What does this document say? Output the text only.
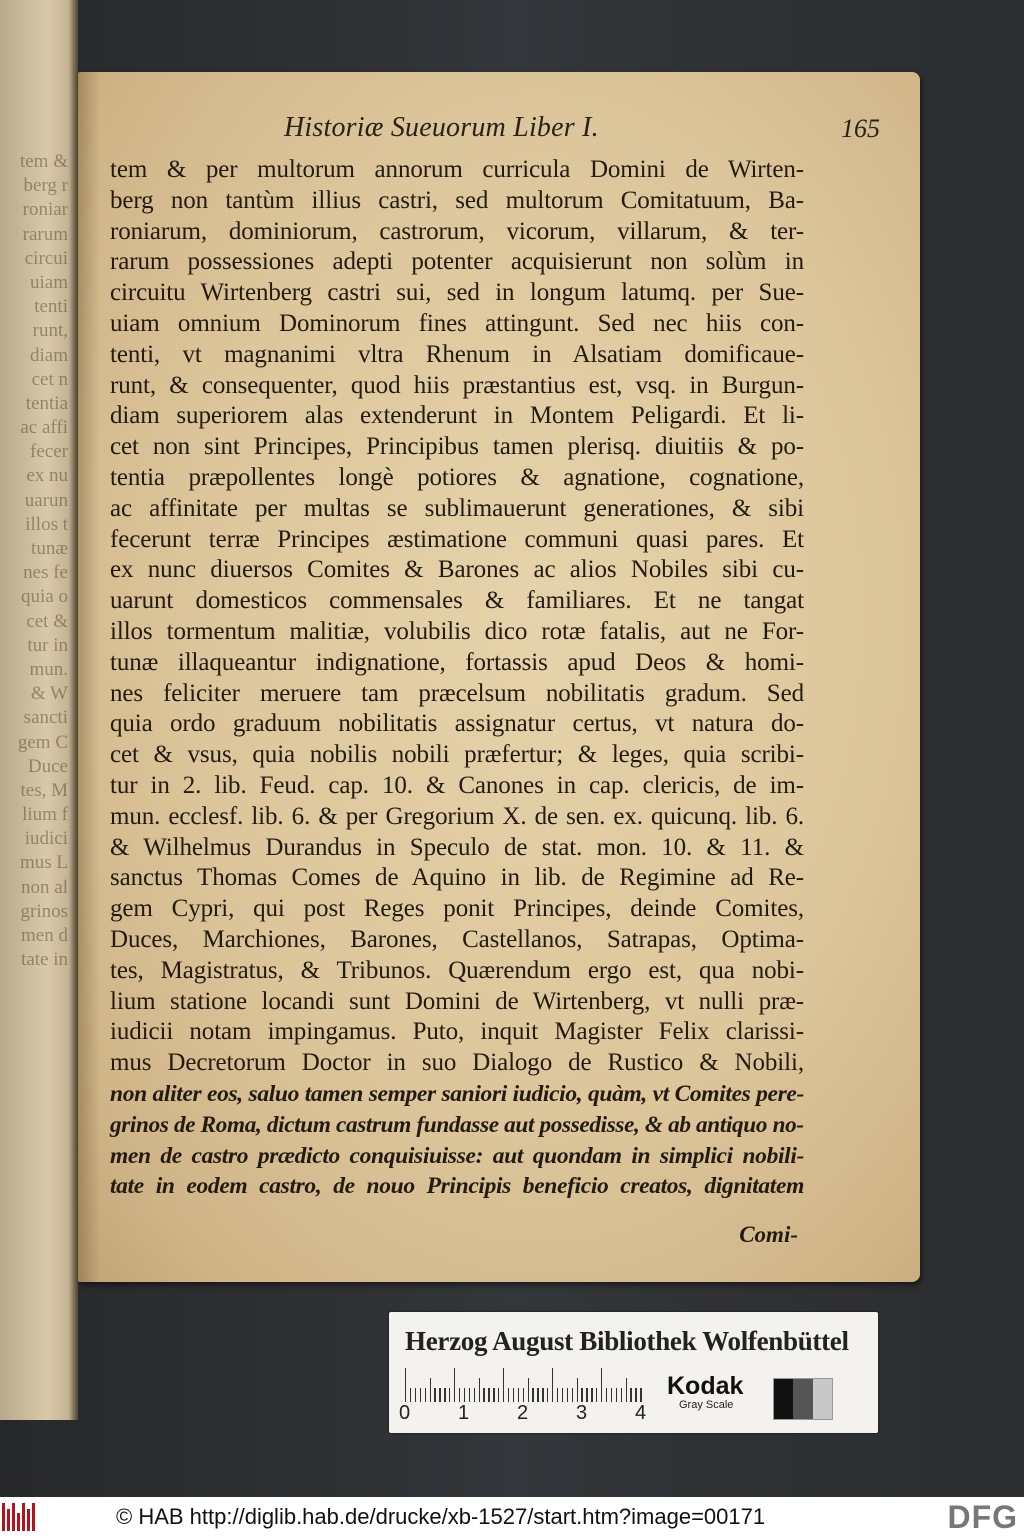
tem &
berg r
roniar
rarum
circui
uiam
tenti
runt,
diam
cet n
tentia
ac affi
fecer
ex nu
uarun
illos t
tunæ
nes fe
quia o
cet &
tur in
mun.
& W
sancti
gem C
Duce
tes, M
lium f
iudici
mus L
non al
grinos
men d
tate in
Historiæ Sueuorum Liber I.	165
tem & per multorum annorum curricula Domini de Wirten-
berg non tantùm illius castri, sed multorum Comitatuum, Ba-
roniarum, dominiorum, castrorum, vicorum, villarum, & ter-
rarum possessiones adepti potenter acquisierunt non solùm in
circuitu Wirtenberg castri sui, sed in longum latumq. per Sue-
uiam omnium Dominorum fines attingunt. Sed nec hiis con-
tenti, vt magnanimi vltra Rhenum in Alsatiam domificaue-
runt, & consequenter, quod hiis præstantius est, vsq. in Burgun-
diam superiorem alas extenderunt in Montem Peligardi. Et li-
cet non sint Principes, Principibus tamen plerisq. diuitiis & po-
tentia præpollentes longè potiores & agnatione, cognatione,
ac affinitate per multas se sublimauerunt generationes, & sibi
fecerunt terræ Principes æstimatione communi quasi pares. Et
ex nunc diuersos Comites & Barones ac alios Nobiles sibi cu-
uarunt domesticos commensales & familiares. Et ne tangat
illos tormentum malitiæ, volubilis dico rotæ fatalis, aut ne For-
tunæ illaqueantur indignatione, fortassis apud Deos & homi-
nes feliciter meruere tam præcelsum nobilitatis gradum. Sed
quia ordo graduum nobilitatis assignatur certus, vt natura do-
cet & vsus, quia nobilis nobili præfertur; & leges, quia scribi-
tur in 2. lib. Feud. cap. 10. & Canones in cap. clericis, de im-
mun. ecclesf. lib. 6. & per Gregorium X. de sen. ex. quicunq. lib. 6.
& Wilhelmus Durandus in Speculo de stat. mon. 10. & 11. &
sanctus Thomas Comes de Aquino in lib. de Regimine ad Re-
gem Cypri, qui post Reges ponit Principes, deinde Comites,
Duces, Marchiones, Barones, Castellanos, Satrapas, Optima-
tes, Magistratus, & Tribunos. Quærendum ergo est, qua nobi-
lium statione locandi sunt Domini de Wirtenberg, vt nulli præ-
iudicii notam impingamus. Puto, inquit Magister Felix clarissi-
mus Decretorum Doctor in suo Dialogo de Rustico & Nobili,
non aliter eos, saluo tamen semper saniori iudicio, quàm, vt Comites pere-
grinos de Roma, dictum castrum fundasse aut possedisse, & ab antiquo no-
men de castro prædicto conquisiuisse: aut quondam in simplici nobili-
tate in eodem castro, de nouo Principis beneficio creatos, dignitatem
Comi-
Herzog August Bibliothek Wolfenbüttel
0 1 2 3 4
Kodak
Gray Scale
© HAB http://diglib.hab.de/drucke/xb-1527/start.htm?image=00171	DFG
